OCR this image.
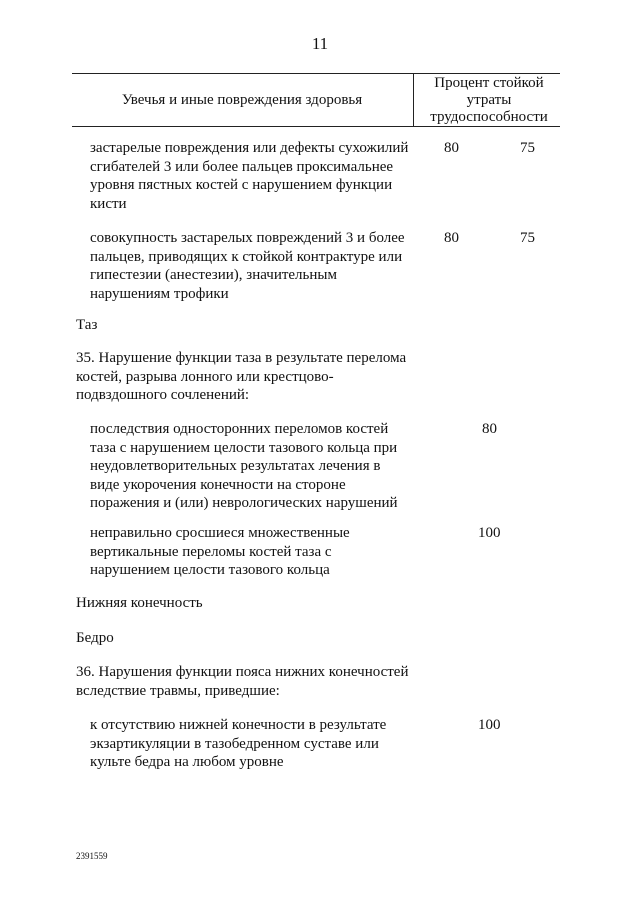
11
Увечья и иные повреждения здоровья
Процент стойкой
утраты
трудоспособности
застарелые повреждения или дефекты сухожилий
сгибателей 3 или более пальцев проксимальнее
уровня пястных костей с нарушением функции
кисти
80	75
совокупность застарелых повреждений 3 и более
пальцев, приводящих к стойкой контрактуре или
гипестезии (анестезии), значительным
нарушениям трофики
80	75
Таз
35. Нарушение функции таза в результате перелома
костей, разрыва лонного или крестцово-
подвздошного сочленений:
последствия односторонних переломов костей
таза с нарушением целости тазового кольца при
неудовлетворительных результатах лечения в
виде укорочения конечности на стороне
поражения и (или) неврологических нарушений
80
неправильно сросшиеся множественные
вертикальные переломы костей таза с
нарушением целости тазового кольца
100
Нижняя конечность
Бедро
36. Нарушения функции пояса нижних конечностей
вследствие травмы, приведшие:
к отсутствию нижней конечности в результате
экзартикуляции в тазобедренном суставе или
культе бедра на любом уровне
100
2391559
